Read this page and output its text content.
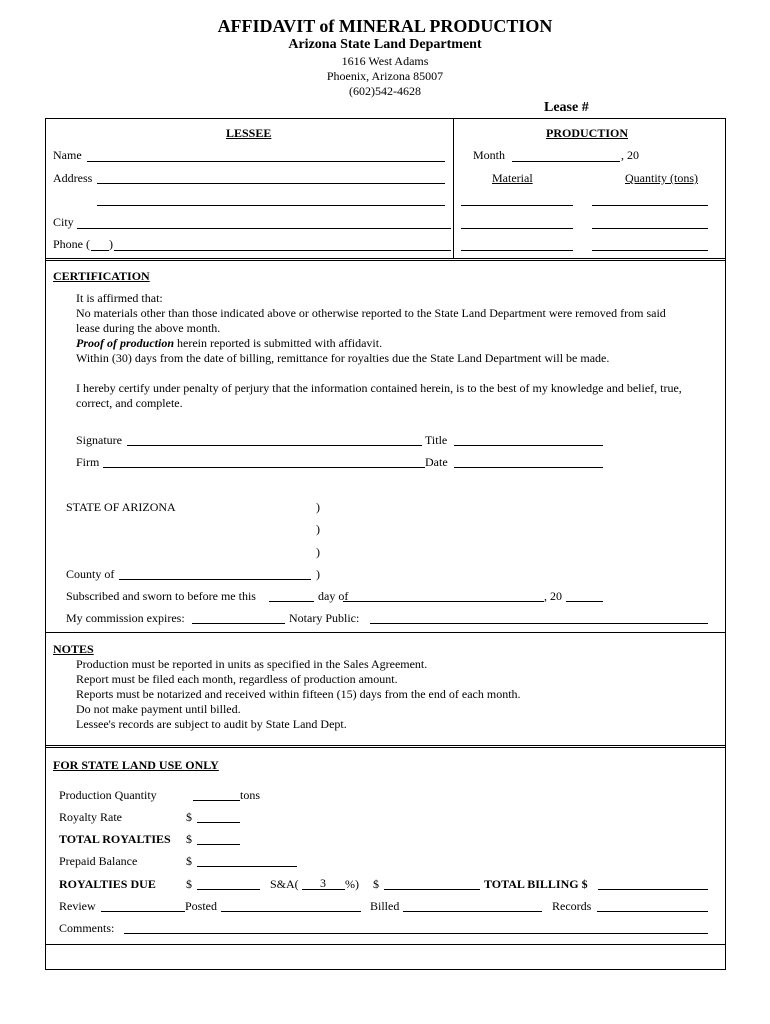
AFFIDAVIT of MINERAL PRODUCTION
Arizona State Land Department
1616 West Adams
Phoenix, Arizona 85007
(602)542-4628
Lease #
LESSEE
Name
Address
City
Phone ( )
PRODUCTION
Month	, 20
Material	Quantity (tons)
CERTIFICATION
It is affirmed that:
No materials other than those indicated above or otherwise reported to the State Land Department were removed from said
lease during the above month.
Proof of production herein reported is submitted with affidavit.
Within (30) days from the date of billing, remittance for royalties due the State Land Department will be made.
I hereby certify under penalty of perjury that the information contained herein, is to the best of my knowledge and belief, true,
correct, and complete.
Signature	Title
Firm	Date
STATE OF ARIZONA	)
)
)
County of	)
Subscribed and sworn to before me this	day of	, 20
My commission expires:	Notary Public:
NOTES
Production must be reported in units as specified in the Sales Agreement.
Report must be filed each month, regardless of production amount.
Reports must be notarized and received within fifteen (15) days from the end of each month.
Do not make payment until billed.
Lessee's records are subject to audit by State Land Dept.
FOR STATE LAND USE ONLY
Production Quantity	tons
Royalty Rate	$
TOTAL ROYALTIES $
Prepaid Balance	$
ROYALTIES DUE	$	S&A( 3 %) $	TOTAL BILLING $
Review	Posted	Billed	Records
Comments:
